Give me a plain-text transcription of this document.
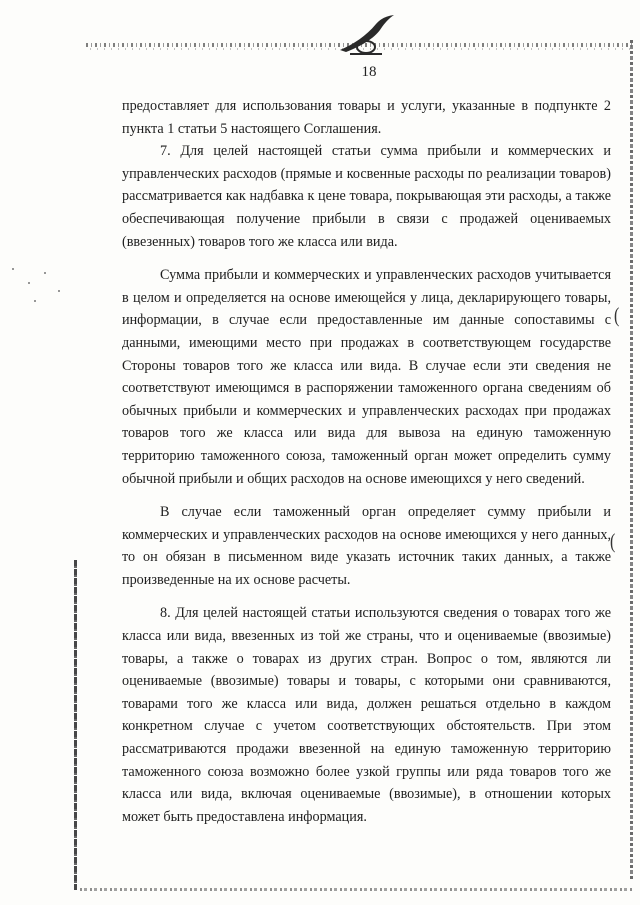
18

предоставляет для использования товары и услуги, указанные в подпункте 2 пункта 1 статьи 5 настоящего Соглашения.

7. Для целей настоящей статьи сумма прибыли и коммерческих и управленческих расходов (прямые и косвенные расходы по реализации товаров) рассматривается как надбавка к цене товара, покрывающая эти расходы, а также обеспечивающая получение прибыли в связи с продажей оцениваемых (ввезенных) товаров того же класса или вида.

Сумма прибыли и коммерческих и управленческих расходов учитывается в целом и определяется на основе имеющейся у лица, декларирующего товары, информации, в случае если предоставленные им данные сопоставимы с данными, имеющими место при продажах в соответствующем государстве Стороны товаров того же класса или вида. В случае если эти сведения не соответствуют имеющимся в распоряжении таможенного органа сведениям об обычных прибыли и коммерческих и управленческих расходах при продажах товаров того же класса или вида для вывоза на единую таможенную территорию таможенного союза, таможенный орган может определить сумму обычной прибыли и общих расходов на основе имеющихся у него сведений.

В случае если таможенный орган определяет сумму прибыли и коммерческих и управленческих расходов на основе имеющихся у него данных, то он обязан в письменном виде указать источник таких данных, а также произведенные на их основе расчеты.

8. Для целей настоящей статьи используются сведения о товарах того же класса или вида, ввезенных из той же страны, что и оцениваемые (ввозимые) товары, а также о товарах из других стран. Вопрос о том, являются ли оцениваемые (ввозимые) товары и товары, с которыми они сравниваются, товарами того же класса или вида, должен решаться отдельно в каждом конкретном случае с учетом соответствующих обстоятельств. При этом рассматриваются продажи ввезенной на единую таможенную территорию таможенного союза возможно более узкой группы или ряда товаров того же класса или вида, включая оцениваемые (ввозимые), в отношении которых может быть предоставлена информация.

(
(
